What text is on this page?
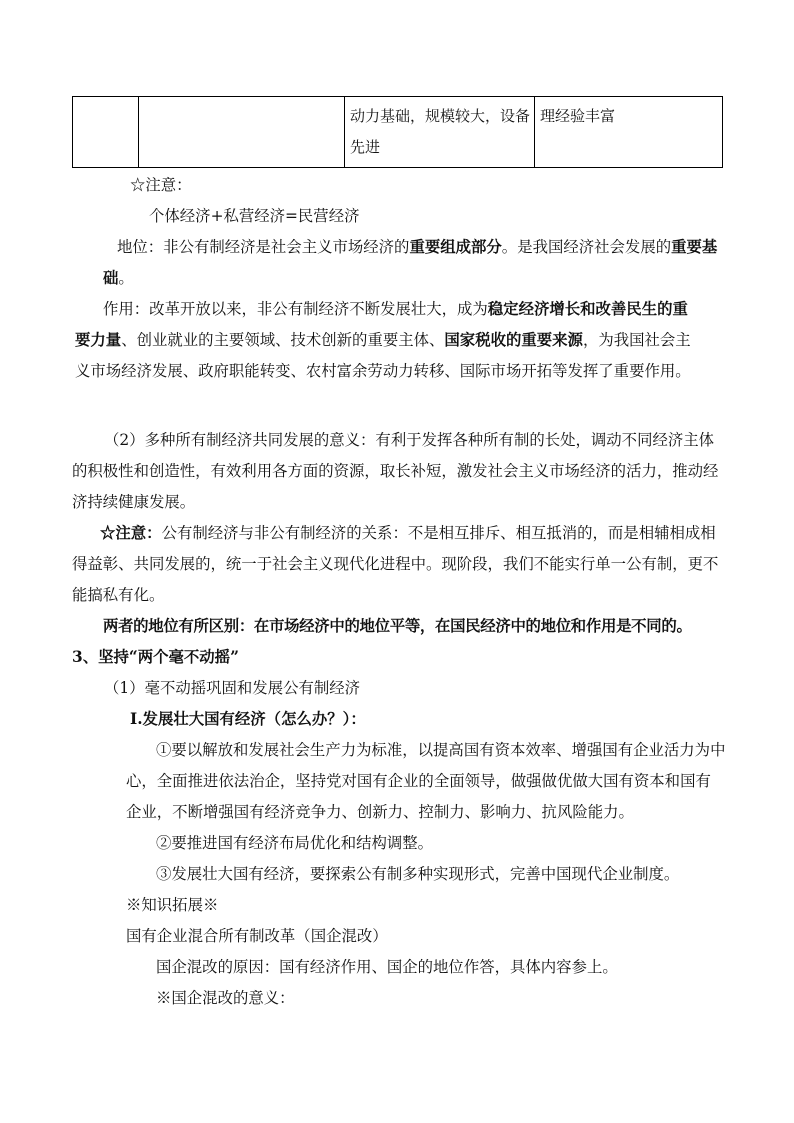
		动力基础，规模较大，设备先进	理经验丰富

☆注意：

个体经济+私营经济=民营经济

地位：非公有制经济是社会主义市场经济的重要组成部分。是我国经济社会发展的重要基础。

作用：改革开放以来，非公有制经济不断发展壮大，成为稳定经济增长和改善民生的重要力量、创业就业的主要领域、技术创新的重要主体、国家税收的重要来源，为我国社会主义市场经济发展、政府职能转变、农村富余劳动力转移、国际市场开拓等发挥了重要作用。

（2）多种所有制经济共同发展的意义：有利于发挥各种所有制的长处，调动不同经济主体的积极性和创造性，有效利用各方面的资源，取长补短，激发社会主义市场经济的活力，推动经济持续健康发展。

☆注意：公有制经济与非公有制经济的关系：不是相互排斥、相互抵消的，而是相辅相成相得益彰、共同发展的，统一于社会主义现代化进程中。现阶段，我们不能实行单一公有制，更不能搞私有化。

两者的地位有所区别：在市场经济中的地位平等，在国民经济中的地位和作用是不同的。

3、坚持“两个毫不动摇”

（1）毫不动摇巩固和发展公有制经济

Ⅰ.发展壮大国有经济（怎么办？）：

①要以解放和发展社会生产力为标准，以提高国有资本效率、增强国有企业活力为中心，全面推进依法治企，坚持党对国有企业的全面领导，做强做优做大国有资本和国有企业，不断增强国有经济竞争力、创新力、控制力、影响力、抗风险能力。

②要推进国有经济布局优化和结构调整。

③发展壮大国有经济，要探索公有制多种实现形式，完善中国现代企业制度。

※知识拓展※

国有企业混合所有制改革（国企混改）

国企混改的原因：国有经济作用、国企的地位作答，具体内容参上。

※国企混改的意义：
